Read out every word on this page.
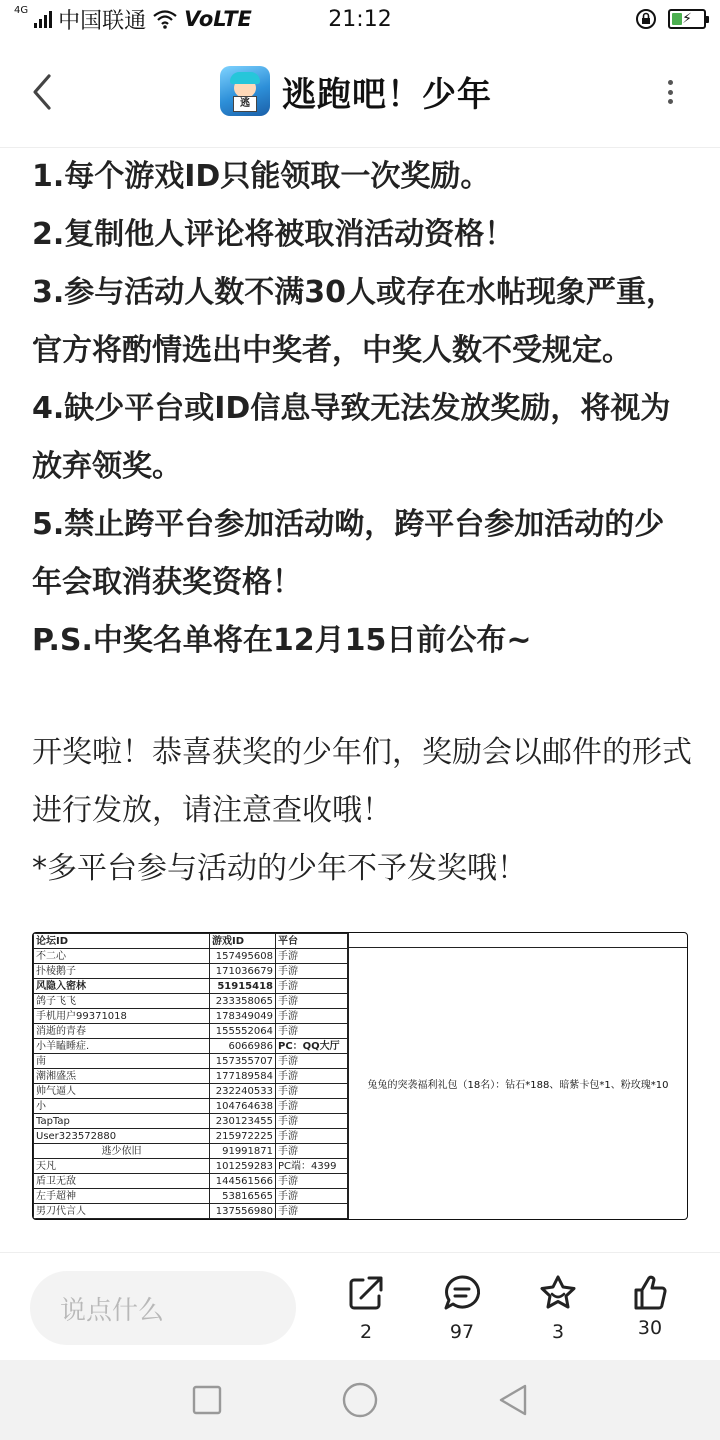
4G 中国联通 VoLTE	21:12	⚡
逃 逃跑吧！少年

1.每个游戏ID只能领取一次奖励。

2.复制他人评论将被取消活动资格！

3.参与活动人数不满30人或存在水帖现象严重，官方将酌情选出中奖者，中奖人数不受规定。

4.缺少平台或ID信息导致无法发放奖励，将视为放弃领奖。

5.禁止跨平台参加活动呦，跨平台参加活动的少年会取消获奖资格！

P.S.中奖名单将在12月15日前公布~

开奖啦！恭喜获奖的少年们，奖励会以邮件的形式进行发放，请注意查收哦！

*多平台参与活动的少年不予发奖哦！

论坛ID	游戏ID	平台
不二心	157495608	手游
扑棱鹅子	171036679	手游
风隐入密林	51915418	手游
鸽子飞飞	233358065	手游
手机用户99371018	178349049	手游
消逝的青春	155552064	手游
小羊瞌睡症.	6066986	PC：QQ大厅
南	157355707	手游
潮湘盛炁	177189584	手游
帅气逼人	232240533	手游
小	104764638	手游
TapTap	230123455	手游
User323572880	215972225	手游
逃少依旧	91991871	手游
天凡	101259283	PC端：4399
盾卫无敌	144561566	手游
左手超神	53816565	手游
男刀代言人	137556980	手游
兔兔的突袭福利礼包（18名）：钻石*188、暗紫卡包*1、粉玫瑰*10
说点什么
2	97	3	30
